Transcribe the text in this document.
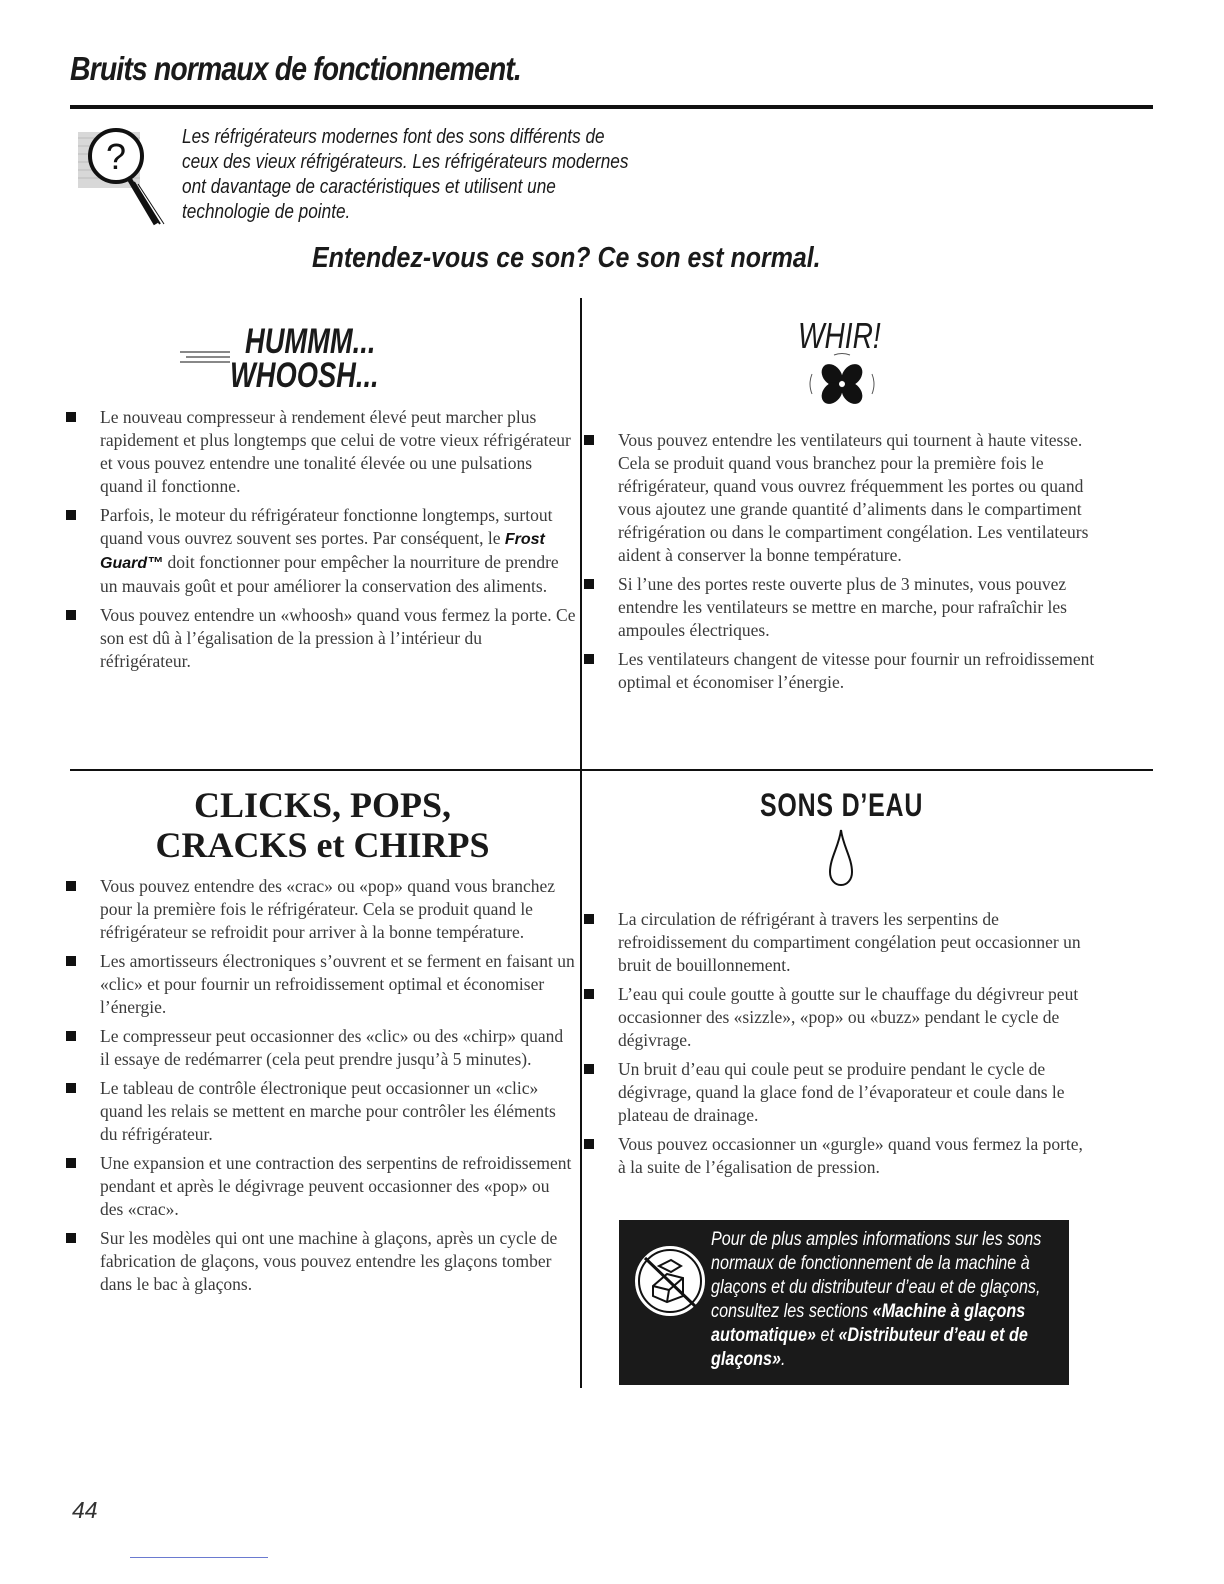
Bruits normaux de fonctionnement.
?	Les réfrigérateurs modernes font des sons différents de ceux des vieux réfrigérateurs. Les réfrigérateurs modernes ont davantage de caractéristiques et utilisent une technologie de pointe.
Entendez-vous ce son? Ce son est normal.
HUMMM...
WHOOSH...
Le nouveau compresseur à rendement élevé peut marcher plus rapidement et plus longtemps que celui de votre vieux réfrigérateur et vous pouvez entendre une tonalité élevée ou une pulsations quand il fonctionne.
Parfois, le moteur du réfrigérateur fonctionne longtemps, surtout quand vous ouvrez souvent ses portes. Par conséquent, le Frost Guard™ doit fonctionner pour empêcher la nourriture de prendre un mauvais goût et pour améliorer la conservation des aliments.
Vous pouvez entendre un «whoosh» quand vous fermez la porte. Ce son est dû à l’égalisation de la pression à l’intérieur du réfrigérateur.
WHIR!
Vous pouvez entendre les ventilateurs qui tournent à haute vitesse. Cela se produit quand vous branchez pour la première fois le réfrigérateur, quand vous ouvrez fréquemment les portes ou quand vous ajoutez une grande quantité d’aliments dans le compartiment réfrigération ou dans le compartiment congélation. Les ventilateurs aident à conserver la bonne température.
Si l’une des portes reste ouverte plus de 3 minutes, vous pouvez entendre les ventilateurs se mettre en marche, pour rafraîchir les ampoules électriques.
Les ventilateurs changent de vitesse pour fournir un refroidissement optimal et économiser l’énergie.
CLICKS, POPS,
CRACKS et CHIRPS
Vous pouvez entendre des «crac» ou «pop» quand vous branchez pour la première fois le réfrigérateur. Cela se produit quand le réfrigérateur se refroidit pour arriver à la bonne température.
Les amortisseurs électroniques s’ouvrent et se ferment en faisant un «clic» et pour fournir un refroidissement optimal et économiser l’énergie.
Le compresseur peut occasionner des «clic» ou des «chirp» quand il essaye de redémarrer (cela peut prendre jusqu’à 5 minutes).
Le tableau de contrôle électronique peut occasionner un «clic» quand les relais se mettent en marche pour contrôler les éléments du réfrigérateur.
Une expansion et une contraction des serpentins de refroidissement pendant et après le dégivrage peuvent occasionner des «pop» ou des «crac».
Sur les modèles qui ont une machine à glaçons, après un cycle de fabrication de glaçons, vous pouvez entendre les glaçons tomber dans le bac à glaçons.
SONS D’EAU
La circulation de réfrigérant à travers les serpentins de refroidissement du compartiment congélation peut occasionner un bruit de bouillonnement.
L’eau qui coule goutte à goutte sur le chauffage du dégivreur peut occasionner des «sizzle», «pop» ou «buzz» pendant le cycle de dégivrage.
Un bruit d’eau qui coule peut se produire pendant le cycle de dégivrage, quand la glace fond de l’évaporateur et coule dans le plateau de drainage.
Vous pouvez occasionner un «gurgle» quand vous fermez la porte, à la suite de l’égalisation de pression.
Pour de plus amples informations sur les sons normaux de fonctionnement de la machine à glaçons et du distributeur d’eau et de glaçons, consultez les sections «Machine à glaçons automatique» et «Distributeur d’eau et de glaçons».
44
